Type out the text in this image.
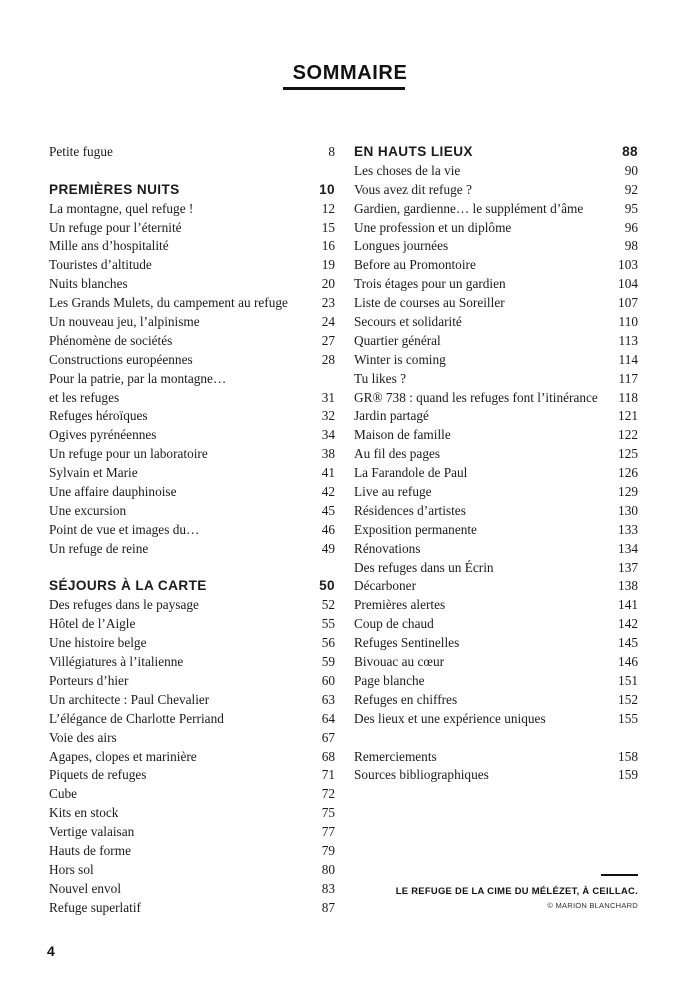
SOMMAIRE
Petite fugue	8
PREMIÈRES NUITS	10
La montagne, quel refuge !	12
Un refuge pour l’éternité	15
Mille ans d’hospitalité	16
Touristes d’altitude	19
Nuits blanches	20
Les Grands Mulets, du campement au refuge	23
Un nouveau jeu, l’alpinisme	24
Phénomène de sociétés	27
Constructions européennes	28
Pour la patrie, par la montagne…
et les refuges	31
Refuges héroïques	32
Ogives pyrénéennes	34
Un refuge pour un laboratoire	38
Sylvain et Marie	41
Une affaire dauphinoise	42
Une excursion	45
Point de vue et images du…	46
Un refuge de reine	49
SÉJOURS À LA CARTE	50
Des refuges dans le paysage	52
Hôtel de l’Aigle	55
Une histoire belge	56
Villégiatures à l’italienne	59
Porteurs d’hier	60
Un architecte : Paul Chevalier	63
L’élégance de Charlotte Perriand	64
Voie des airs	67
Agapes, clopes et marinière	68
Piquets de refuges	71
Cube	72
Kits en stock	75
Vertige valaisan	77
Hauts de forme	79
Hors sol	80
Nouvel envol	83
Refuge superlatif	87
EN HAUTS LIEUX	88
Les choses de la vie	90
Vous avez dit refuge ?	92
Gardien, gardienne… le supplément d’âme	95
Une profession et un diplôme	96
Longues journées	98
Before au Promontoire	103
Trois étages pour un gardien	104
Liste de courses au Soreiller	107
Secours et solidarité	110
Quartier général	113
Winter is coming	114
Tu likes ?	117
GR® 738 : quand les refuges font l’itinérance 118
Jardin partagé	121
Maison de famille	122
Au fil des pages	125
La Farandole de Paul	126
Live au refuge	129
Résidences d’artistes	130
Exposition permanente	133
Rénovations	134
Des refuges dans un Écrin	137
Décarboner	138
Premières alertes	141
Coup de chaud	142
Refuges Sentinelles	145
Bivouac au cœur	146
Page blanche	151
Refuges en chiffres	152
Des lieux et une expérience uniques	155
Remerciements	158
Sources bibliographiques	159
LE REFUGE DE LA CIME DU MÉLÉZET, À CEILLAC.
© MARION BLANCHARD
4
